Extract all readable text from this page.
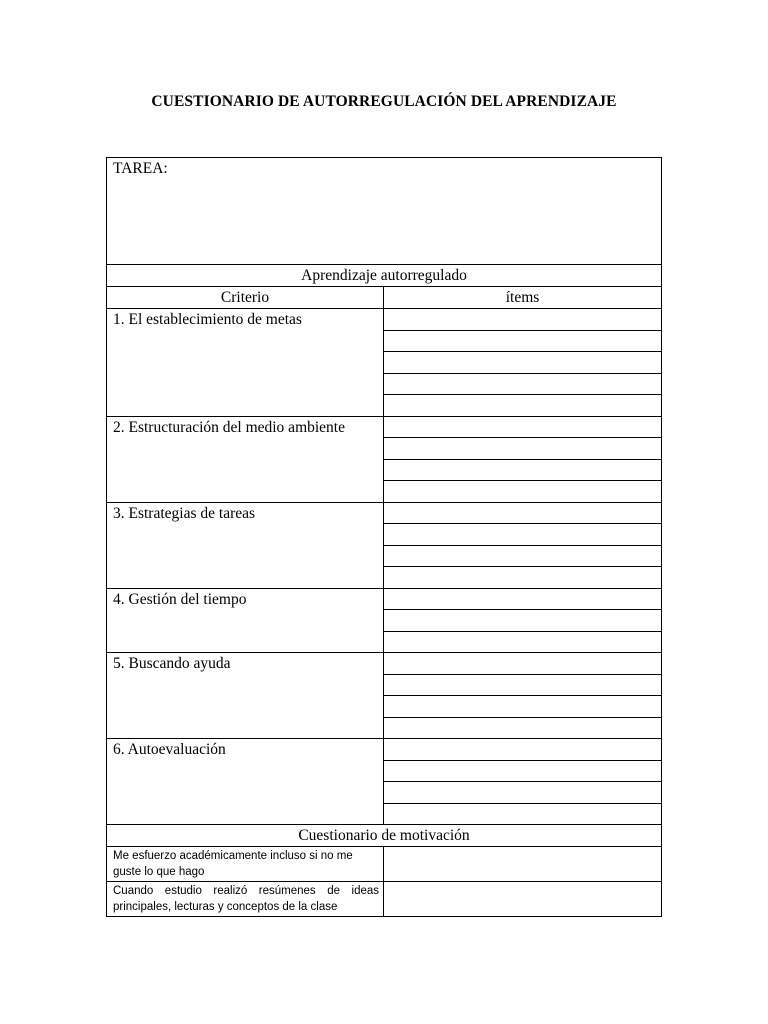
CUESTIONARIO DE AUTORREGULACIÓN DEL APRENDIZAJE
TAREA:	
Aprendizaje autorregulado	
Criterio	ítems
1. El establecimiento de metas	

2. Estructuración del medio ambiente	

3. Estrategias de tareas	

4. Gestión del tiempo	

5. Buscando ayuda	

6. Autoevaluación	

Cuestionario de motivación	
Me esfuerzo académicamente incluso si no me guste lo que hago	
Cuando estudio realizó resúmenes de ideas principales, lecturas y conceptos de la clase	
